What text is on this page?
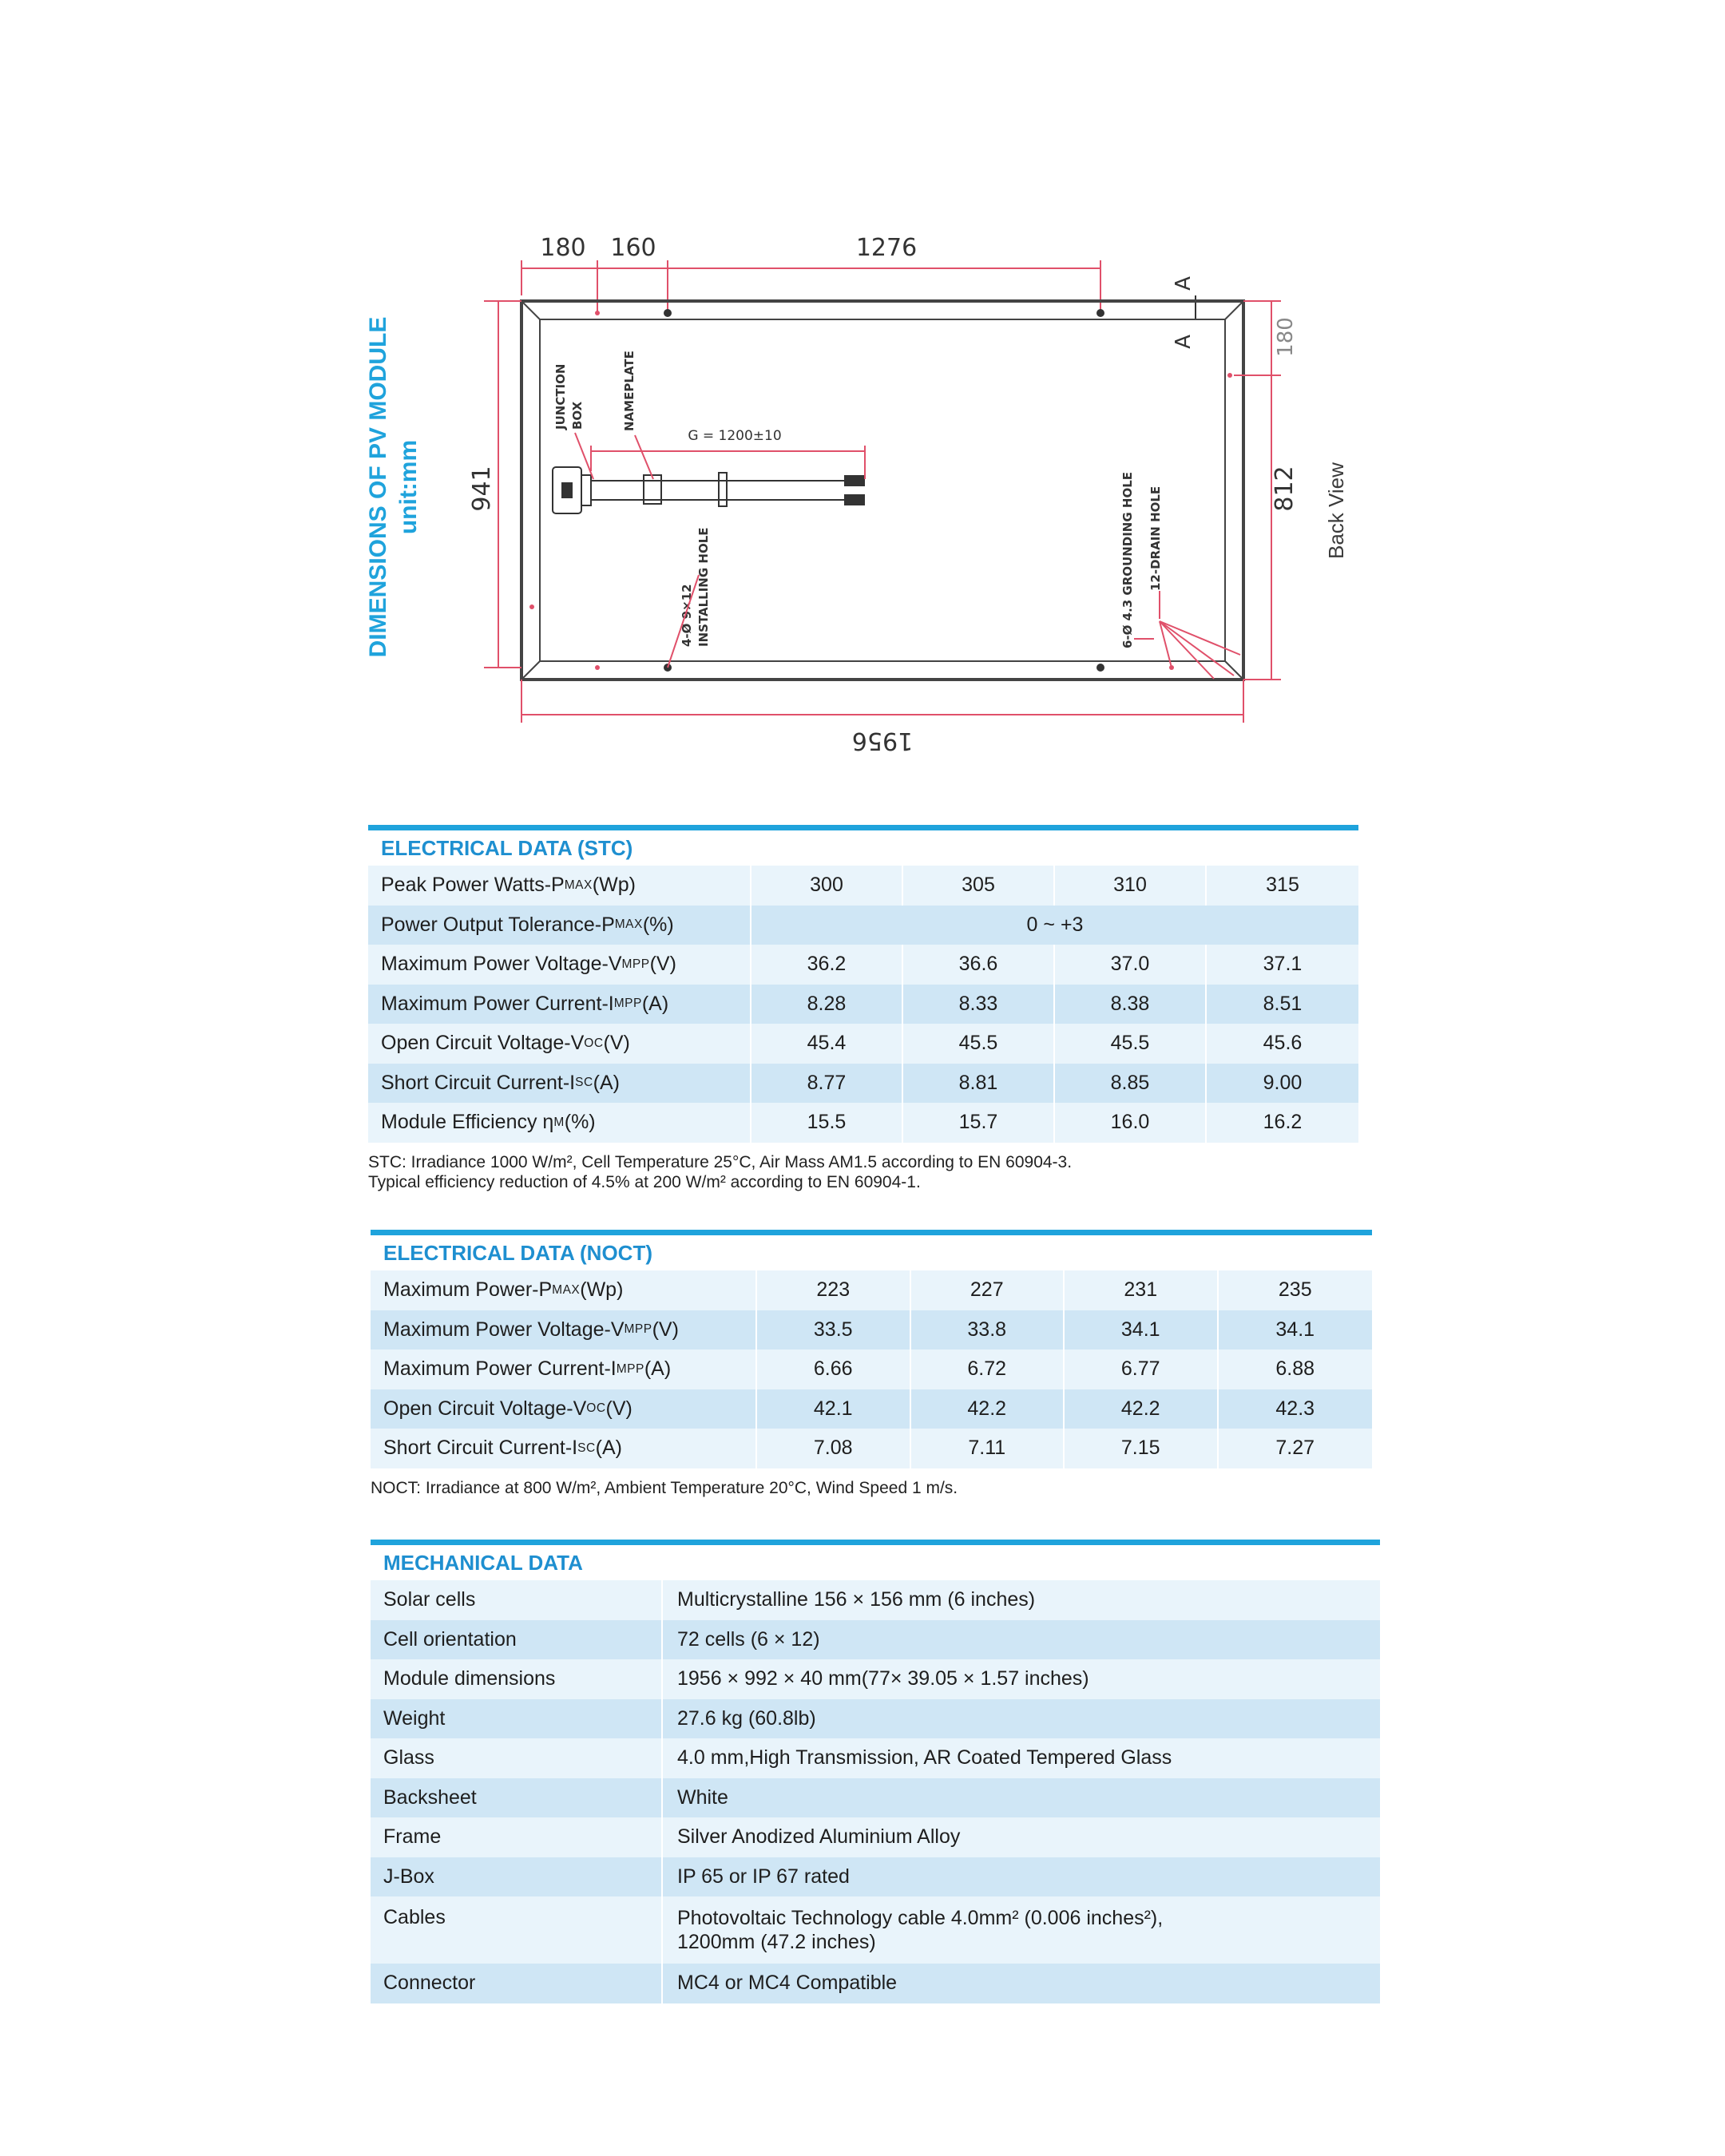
180 160	1276
A
A
941
180
812
1956
G = 1200±10
JUNCTION BOX	NAMEPLATE
4-Ø 9×12 INSTALLING HOLE	6-Ø 4.3 GROUNDING HOLE 12-DRAIN HOLE
DIMENSIONS OF PV MODULE unit:mm	Back View
ELECTRICAL DATA (STC)
Peak Power Watts-P MAX (Wp)	300	305	310	315
Power Output Tolerance-P MAX (%)	0 ~ +3
Maximum Power Voltage-V MPP (V)	36.2	36.6	37.0	37.1
Maximum Power Current-I MPP (A)	8.28	8.33	8.38	8.51
Open Circuit Voltage-V OC (V)	45.4	45.5	45.5	45.6
Short Circuit Current-I SC (A)	8.77	8.81	8.85	9.00
Module Efficiency η M (%)	15.5	15.7	16.0	16.2
STC: Irradiance 1000 W/m², Cell Temperature 25°C, Air Mass AM1.5 according to EN 60904-3.
Typical efficiency reduction of 4.5% at 200 W/m² according to EN 60904-1.
ELECTRICAL DATA (NOCT)
Maximum Power-P MAX (Wp)	223	227	231	235
Maximum Power Voltage-V MPP (V)	33.5	33.8	34.1	34.1
Maximum Power Current-I MPP (A)	6.66	6.72	6.77	6.88
Open Circuit Voltage-V OC (V)	42.1	42.2	42.2	42.3
Short Circuit Current-I SC (A)	7.08	7.11	7.15	7.27
NOCT: Irradiance at 800 W/m², Ambient Temperature 20°C, Wind Speed 1 m/s.
MECHANICAL DATA
Solar cells	Multicrystalline 156 × 156 mm (6 inches)
Cell orientation	72 cells (6 × 12)
Module dimensions	1956 × 992 × 40 mm(77× 39.05 × 1.57 inches)
Weight	27.6 kg (60.8lb)
Glass	4.0 mm,High Transmission, AR Coated Tempered Glass
Backsheet	White
Frame	Silver Anodized Aluminium Alloy
J-Box	IP 65 or IP 67 rated
Cables	Photovoltaic Technology cable 4.0mm² (0.006 inches²),
1200mm (47.2 inches)
Connector	MC4 or MC4 Compatible
